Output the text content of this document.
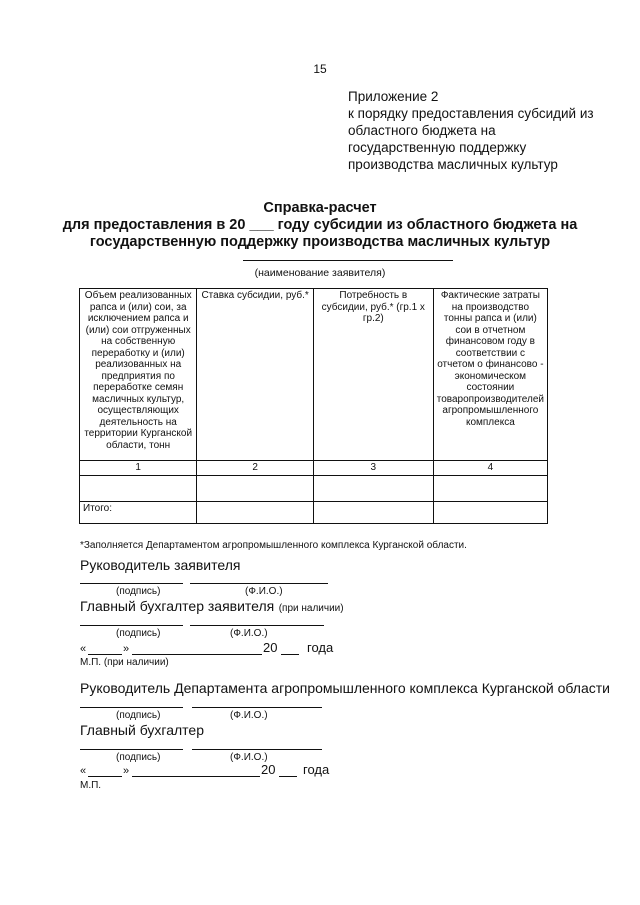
15
Приложение 2
к порядку предоставления субсидий из
областного бюджета на
государственную поддержку
производства масличных культур
Справка-расчет
для предоставления в 20 ___ году субсидии из областного бюджета на
государственную поддержку производства масличных культур
(наименование заявителя)
Объем реализованных рапса и (или) сои, за исключением рапса и (или) сои отгруженных на собственную переработку и (или) реализованных на предприятия по переработке семян масличных культур, осуществляющих деятельность на территории Курганской области, тонн	Ставка субсидии, руб.*	Потребность в субсидии, руб.* (гр.1 х гр.2)	Фактические затраты на производство тонны рапса и (или) сои в отчетном финансовом году в соответствии с отчетом о финансово - экономическом состоянии товаропроизводителей агропромышленного комплекса
1	2	3	4

Итого:			
*Заполняется Департаментом агропромышленного комплекса Курганской области.
Руководитель заявителя
(подпись)	(Ф.И.О.)
Главный бухгалтер заявителя (при наличии)
(подпись)	(Ф.И.О.)
«	»	20 года
М.П. (при наличии)
Руководитель Департамента агропромышленного комплекса Курганской области
(подпись)	(Ф.И.О.)
Главный бухгалтер
(подпись)	(Ф.И.О.)
«	»	20 года
М.П.
